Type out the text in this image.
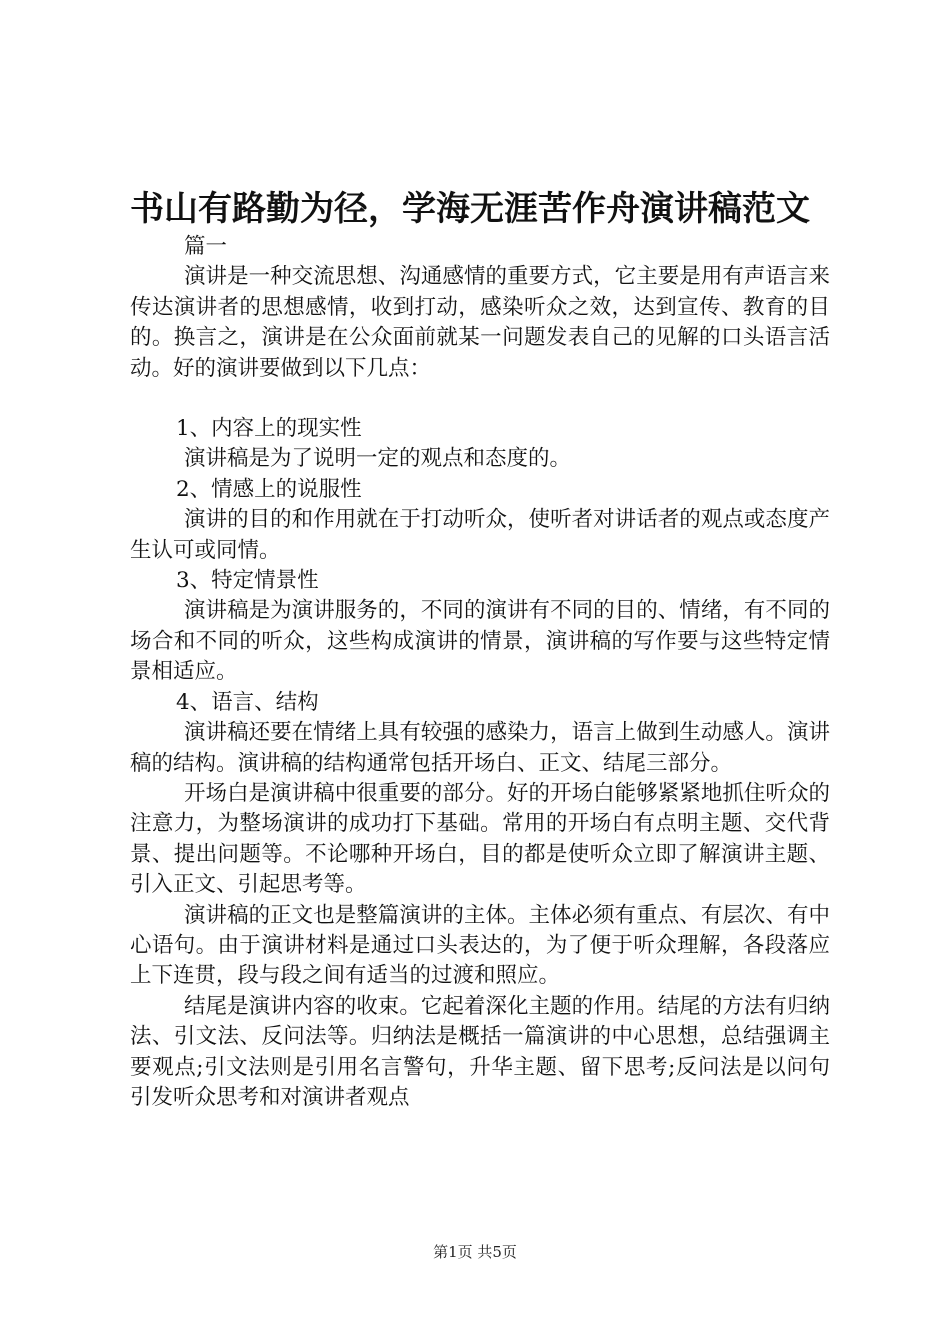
书山有路勤为径，学海无涯苦作舟演讲稿范文

篇一

演讲是一种交流思想、沟通感情的重要方式，它主要是用有声语言来传达演讲者的思想感情，收到打动，感染听众之效，达到宣传、教育的目的。换言之，演讲是在公众面前就某一问题发表自己的见解的口头语言活动。好的演讲要做到以下几点：

1、内容上的现实性

演讲稿是为了说明一定的观点和态度的。

2、情感上的说服性

演讲的目的和作用就在于打动听众，使听者对讲话者的观点或态度产生认可或同情。

3、特定情景性

演讲稿是为演讲服务的，不同的演讲有不同的目的、情绪，有不同的场合和不同的听众，这些构成演讲的情景，演讲稿的写作要与这些特定情景相适应。

4、语言、结构

演讲稿还要在情绪上具有较强的感染力，语言上做到生动感人。演讲稿的结构。演讲稿的结构通常包括开场白、正文、结尾三部分。

开场白是演讲稿中很重要的部分。好的开场白能够紧紧地抓住听众的注意力，为整场演讲的成功打下基础。常用的开场白有点明主题、交代背景、提出问题等。不论哪种开场白，目的都是使听众立即了解演讲主题、引入正文、引起思考等。

演讲稿的正文也是整篇演讲的主体。主体必须有重点、有层次、有中心语句。由于演讲材料是通过口头表达的，为了便于听众理解，各段落应上下连贯，段与段之间有适当的过渡和照应。

结尾是演讲内容的收束。它起着深化主题的作用。结尾的方法有归纳法、引文法、反问法等。归纳法是概括一篇演讲的中心思想，总结强调主要观点;引文法则是引用名言警句，升华主题、留下思考;反问法是以问句引发听众思考和对演讲者观点

第1页 共5页
